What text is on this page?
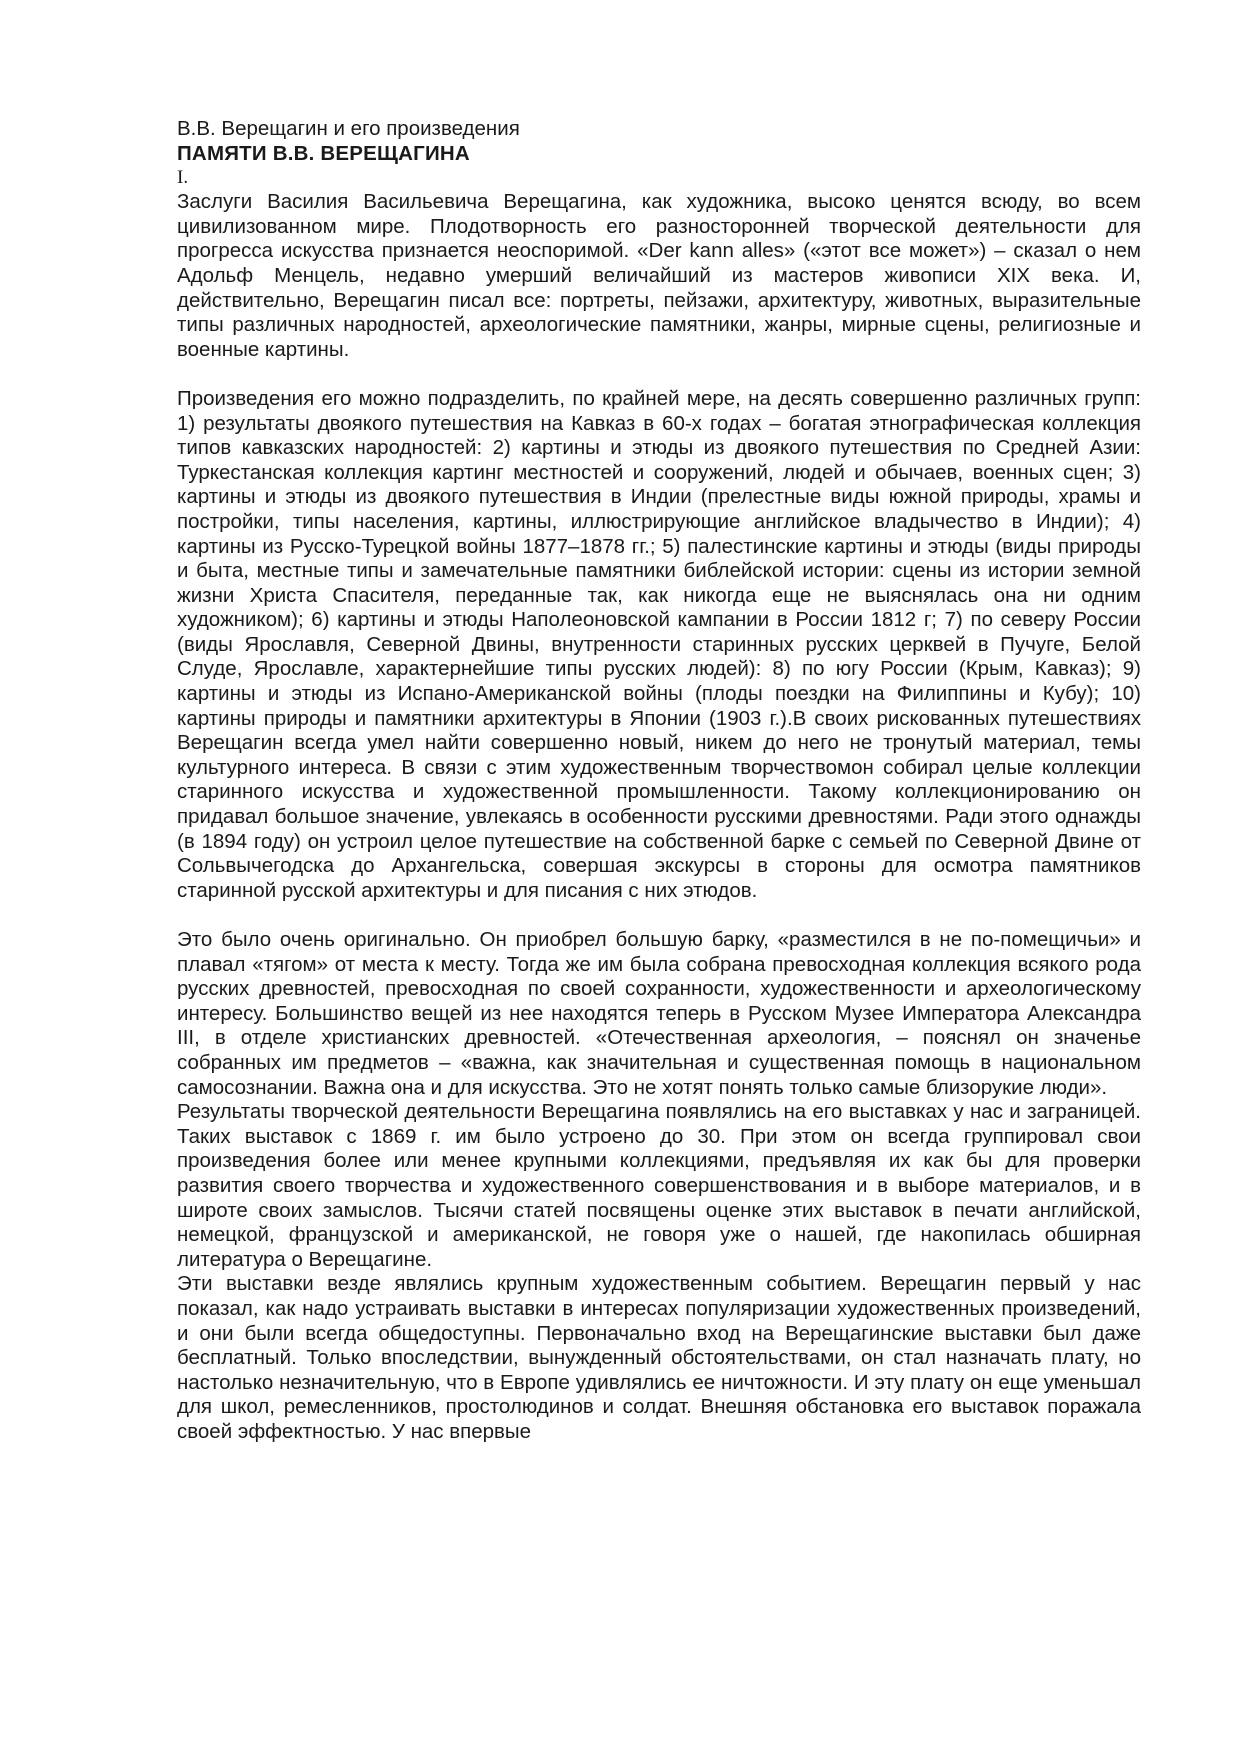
В.В. Верещагин и его произведения

ПАМЯТИ В.В. ВЕРЕЩАГИНА

I.

Заслуги Василия Васильевича Верещагина, как художника, высоко ценятся всюду, во всем цивилизованном мире. Плодотворность его разносторонней творческой деятельности для прогресса искусства признается неоспоримой. «Der kann alles» («этот все может») – сказал о нем Адольф Менцель, недавно умерший величайший из мастеров живописи XIX века. И, действительно, Верещагин писал все: портреты, пейзажи, архитектуру, животных, выразительные типы различных народностей, археологические памятники, жанры, мирные сцены, религиозные и военные картины.

Произведения его можно подразделить, по крайней мере, на десять совершенно различных групп: 1) результаты двоякого путешествия на Кавказ в 60-х годах – богатая этнографическая коллекция типов кавказских народностей: 2) картины и этюды из двоякого путешествия по Средней Азии: Туркестанская коллекция картинг местностей и сооружений, людей и обычаев, военных сцен; 3) картины и этюды из двоякого путешествия в Индии (прелестные виды южной природы, храмы и постройки, типы населения, картины, иллюстрирующие английское владычество в Индии); 4) картины из Русско-Турецкой войны 1877–1878 гг.; 5) палестинские картины и этюды (виды природы и быта, местные типы и замечательные памятники библейской истории: сцены из истории земной жизни Христа Спасителя, переданные так, как никогда еще не выяснялась она ни одним художником); 6) картины и этюды Наполеоновской кампании в России 1812 г; 7) по северу России (виды Ярославля, Северной Двины, внутренности старинных русских церквей в Пучуге, Белой Слуде, Ярославле, характернейшие типы русских людей): 8) по югу России (Крым, Кавказ); 9) картины и этюды из Испано-Американской войны (плоды поездки на Филиппины и Кубу); 10) картины природы и памятники архитектуры в Японии (1903 г.).В своих рискованных путешествиях Верещагин всегда умел найти совершенно новый, никем до него не тронутый материал, темы культурного интереса. В связи с этим художественным творчествомон собирал целые коллекции старинного искусства и художественной промышленности. Такому коллекционированию он придавал большое значение, увлекаясь в особенности русскими древностями. Ради этого однажды (в 1894 году) он устроил целое путешествие на собственной барке с семьей по Северной Двине от Сольвычегодска до Архангельска, совершая экскурсы в стороны для осмотра памятников старинной русской архитектуры и для писания с них этюдов.

Это было очень оригинально. Он приобрел большую барку, «разместился в не по-помещичьи» и плавал «тягом» от места к месту. Тогда же им была собрана превосходная коллекция всякого рода русских древностей, превосходная по своей сохранности, художественности и археологическому интересу. Большинство вещей из нее находятся теперь в Русском Музее Императора Александра III, в отделе христианских древностей. «Отечественная археология, – пояснял он значенье собранных им предметов – «важна, как значительная и существенная помощь в национальном самосознании. Важна она и для искусства. Это не хотят понять только самые близорукие люди».

Результаты творческой деятельности Верещагина появлялись на его выставках у нас и заграницей. Таких выставок с 1869 г. им было устроено до 30. При этом он всегда группировал свои произведения более или менее крупными коллекциями, предъявляя их как бы для проверки развития своего творчества и художественного совершенствования и в выборе материалов, и в широте своих замыслов. Тысячи статей посвящены оценке этих выставок в печати английской, немецкой, французской и американской, не говоря уже о нашей, где накопилась обширная литература о Верещагине.

Эти выставки везде являлись крупным художественным событием. Верещагин первый у нас показал, как надо устраивать выставки в интересах популяризации художественных произведений, и они были всегда общедоступны. Первоначально вход на Верещагинские выставки был даже бесплатный. Только впоследствии, вынужденный обстоятельствами, он стал назначать плату, но настолько незначительную, что в Европе удивлялись ее ничтожности. И эту плату он еще уменьшал для школ, ремесленников, простолюдинов и солдат. Внешняя обстановка его выставок поражала своей эффектностью. У нас впервые
